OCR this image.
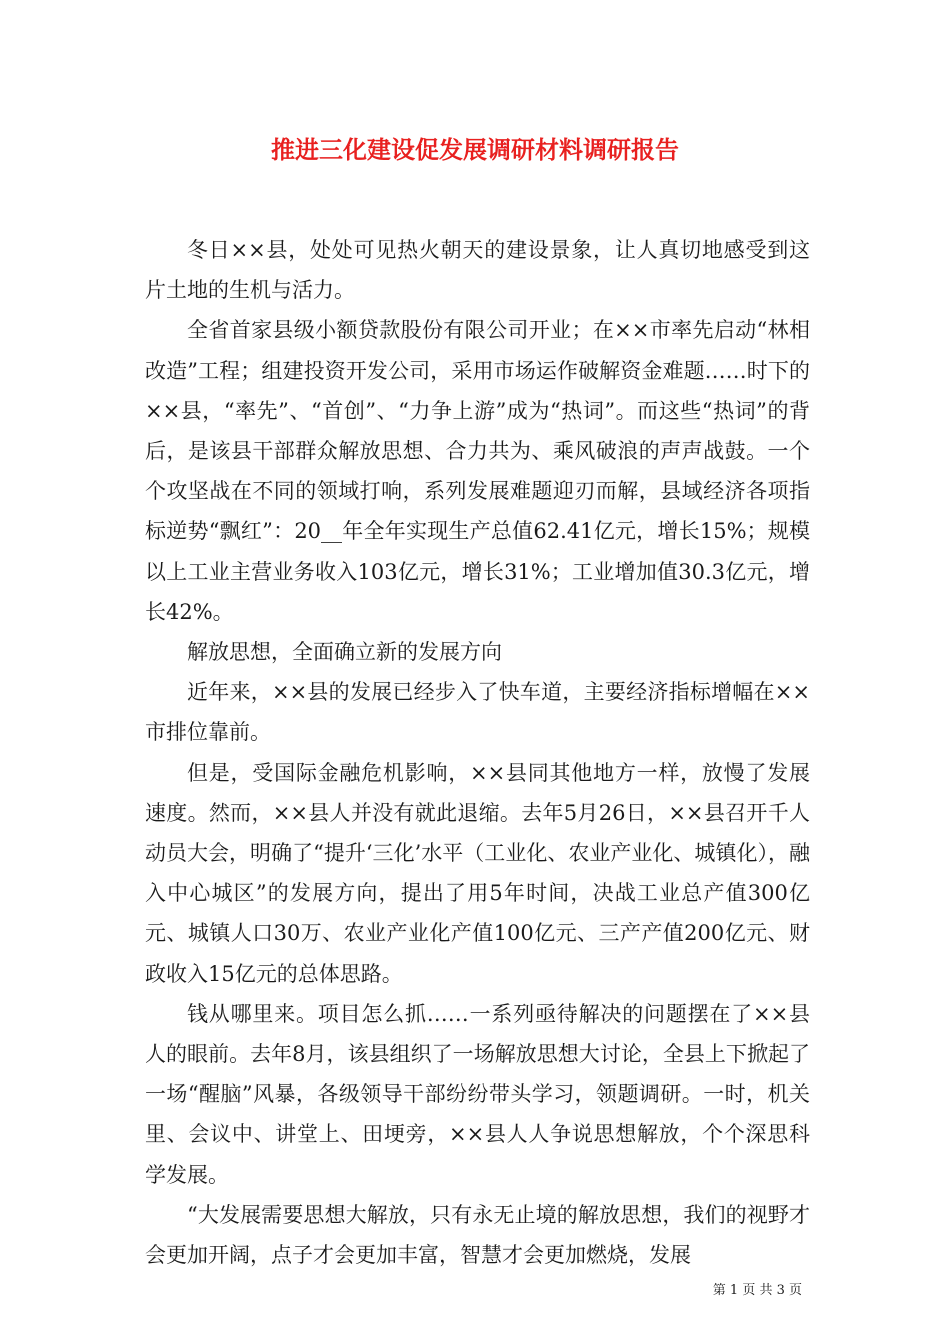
推进三化建设促发展调研材料调研报告

冬日××县，处处可见热火朝天的建设景象，让人真切地感受到这片土地的生机与活力。

全省首家县级小额贷款股份有限公司开业；在××市率先启动“林相改造”工程；组建投资开发公司，采用市场运作破解资金难题……时下的××县，“率先”、“首创”、“力争上游”成为“热词”。而这些“热词”的背后，是该县干部群众解放思想、合力共为、乘风破浪的声声战鼓。一个个攻坚战在不同的领域打响，系列发展难题迎刃而解，县域经济各项指标逆势“飘红”：20__年全年实现生产总值62.41亿元，增长15%；规模以上工业主营业务收入103亿元，增长31%；工业增加值30.3亿元，增长42%。

解放思想，全面确立新的发展方向

近年来，××县的发展已经步入了快车道，主要经济指标增幅在××市排位靠前。

但是，受国际金融危机影响，××县同其他地方一样，放慢了发展速度。然而，××县人并没有就此退缩。去年5月26日，××县召开千人动员大会，明确了“提升‘三化’水平（工业化、农业产业化、城镇化），融入中心城区”的发展方向，提出了用5年时间，决战工业总产值300亿元、城镇人口30万、农业产业化产值100亿元、三产产值200亿元、财政收入15亿元的总体思路。

钱从哪里来。项目怎么抓……一系列亟待解决的问题摆在了××县人的眼前。去年8月，该县组织了一场解放思想大讨论，全县上下掀起了一场“醒脑”风暴，各级领导干部纷纷带头学习，领题调研。一时，机关里、会议中、讲堂上、田埂旁，××县人人争说思想解放，个个深思科学发展。

“大发展需要思想大解放，只有永无止境的解放思想，我们的视野才会更加开阔，点子才会更加丰富，智慧才会更加燃烧，发展

第 1 页 共 3 页
